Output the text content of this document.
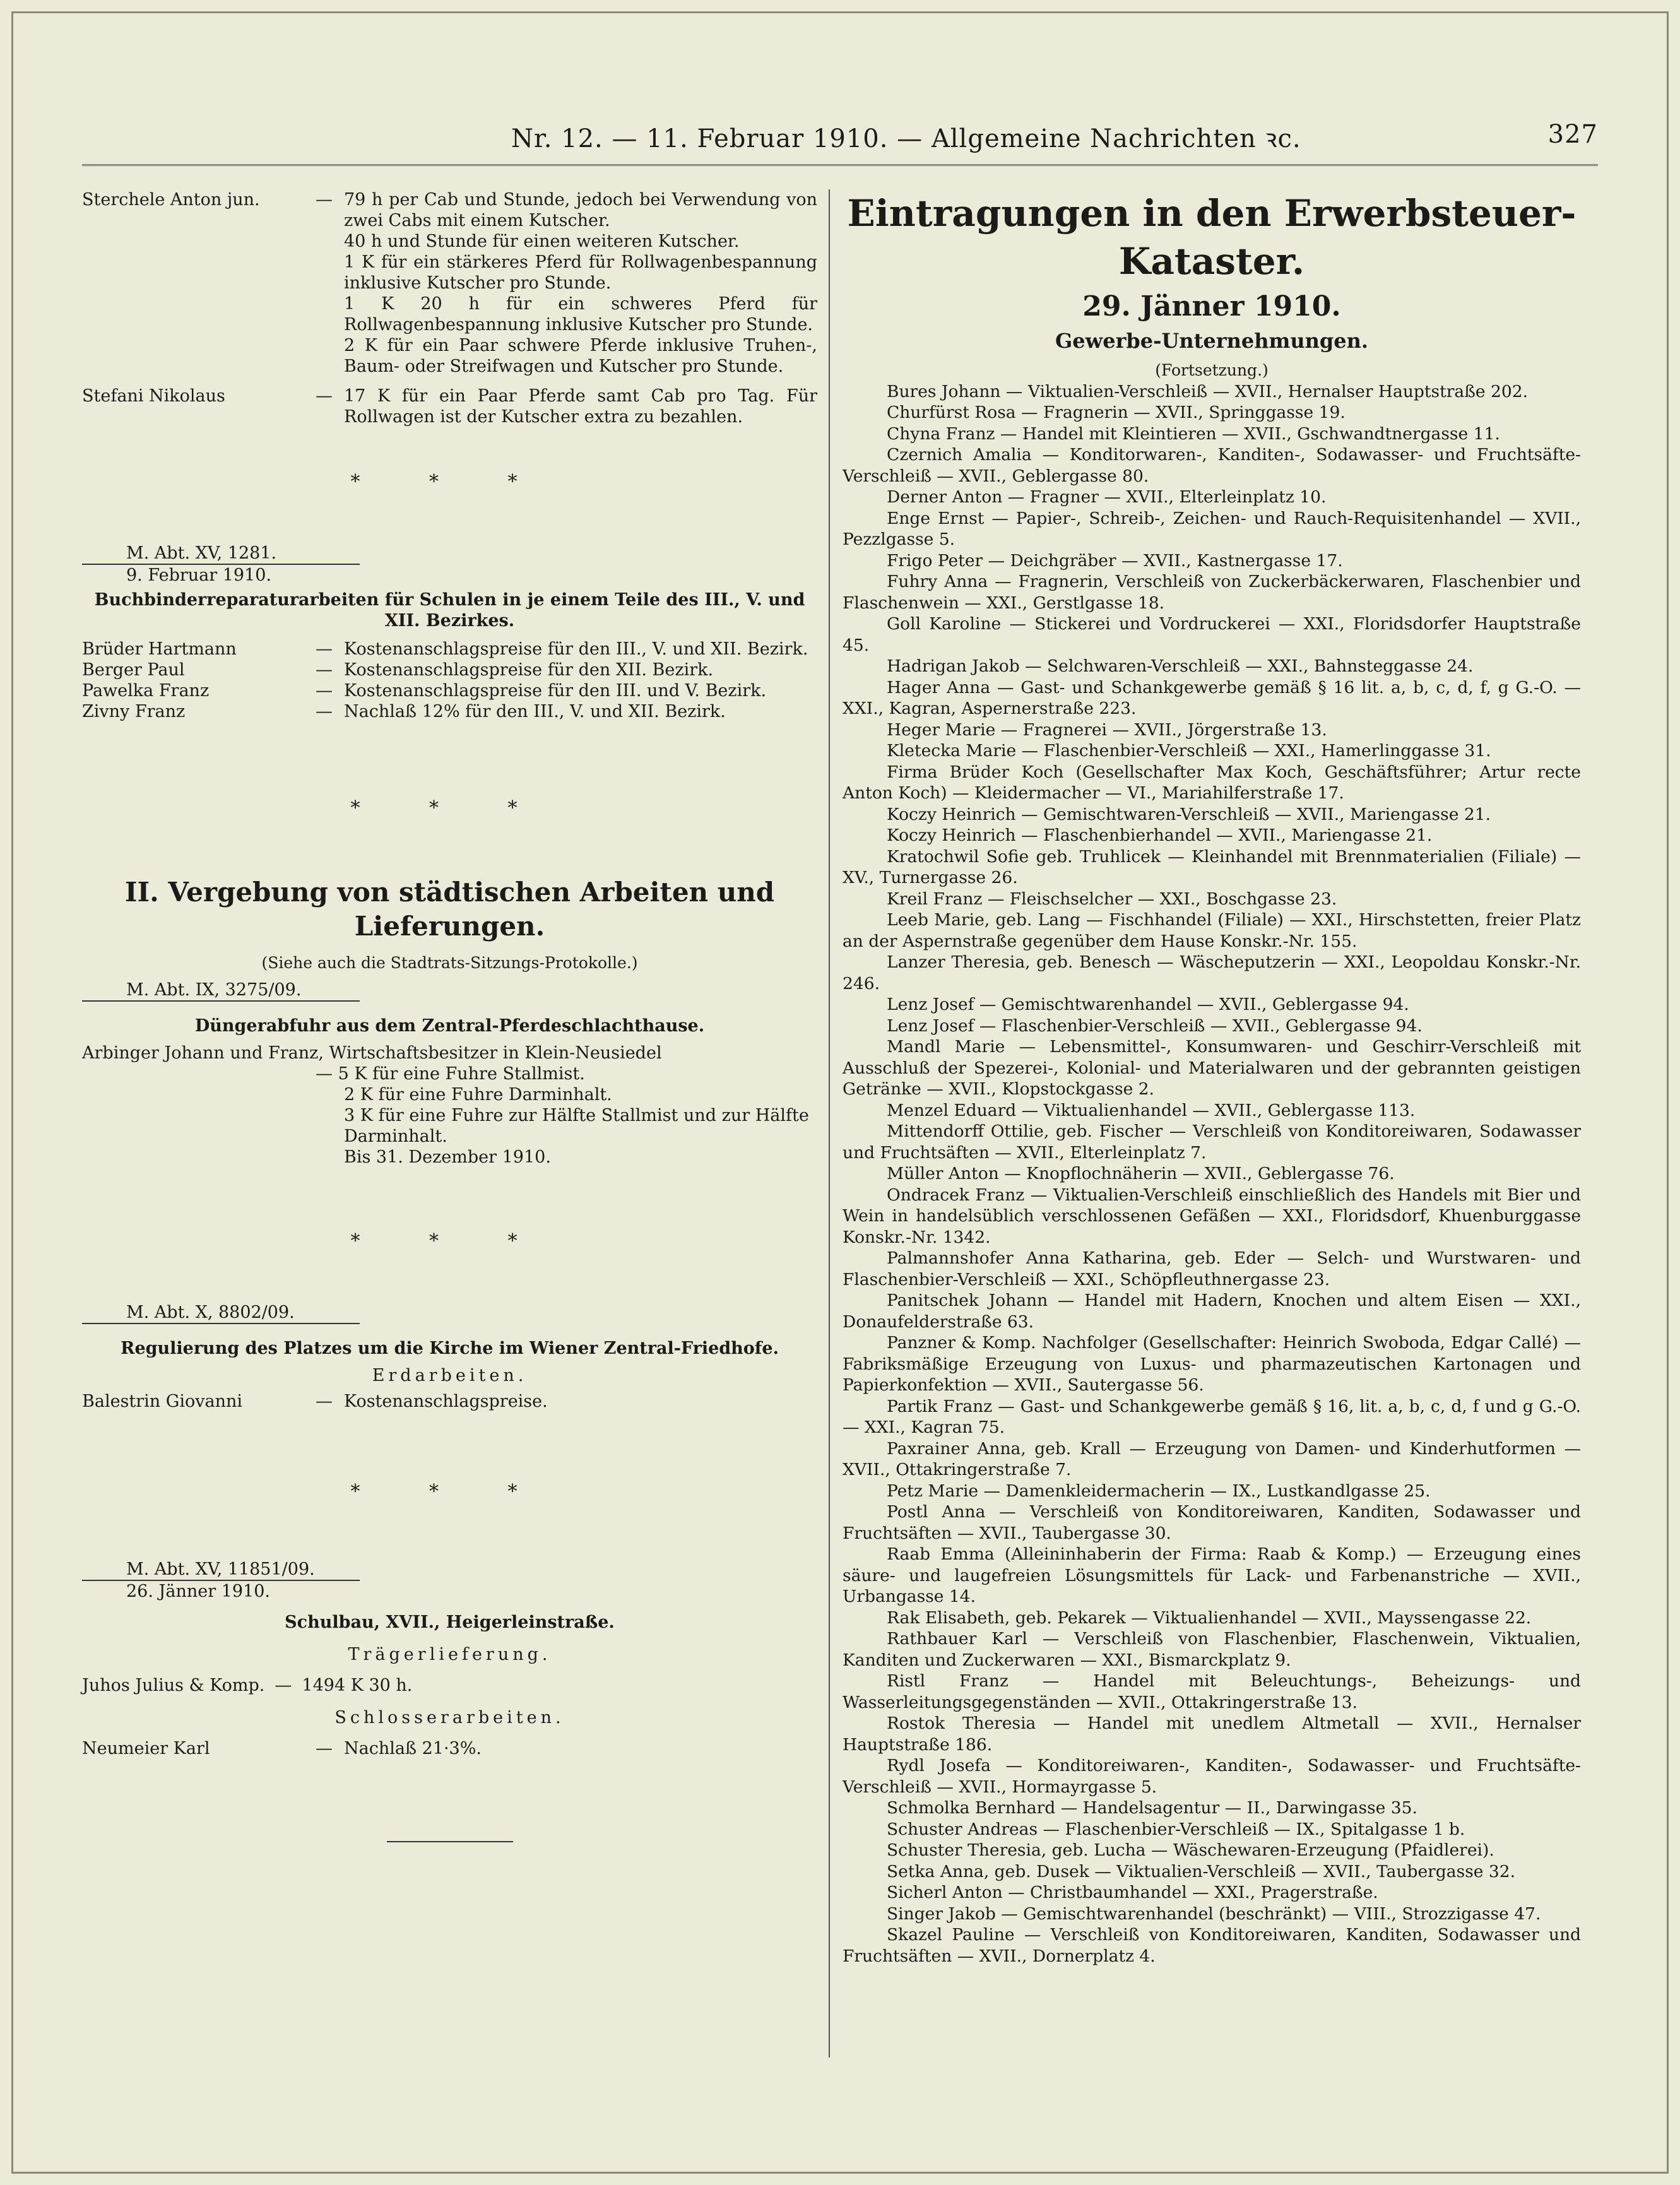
Nr. 12. — 11. Februar 1910. — Allgemeine Nachrichten ꝛc.	327
Sterchele Anton jun.	— 79 h per Cab und Stunde, jedoch bei Verwendung von zwei Cabs mit einem Kutscher.
40 h und Stunde für einen weiteren Kutscher.
1 K für ein stärkeres Pferd für Rollwagenbespannung inklusive Kutscher pro Stunde.
1 K 20 h für ein schweres Pferd für Rollwagenbespannung inklusive Kutscher pro Stunde.
2 K für ein Paar schwere Pferde inklusive Truhen-, Baum- oder Streifwagen und Kutscher pro Stunde.
Stefani Nikolaus	— 17 K für ein Paar Pferde samt Cab pro Tag. Für Rollwagen ist der Kutscher extra zu bezahlen.
* * *
M. Abt. XV, 1281.
9. Februar 1910.
Buchbinderreparaturarbeiten für Schulen in je einem Teile des III., V. und XII. Bezirkes.
Brüder Hartmann	— Kostenanschlagspreise für den III., V. und XII. Bezirk.
Berger Paul	— Kostenanschlagspreise für den XII. Bezirk.
Pawelka Franz	— Kostenanschlagspreise für den III. und V. Bezirk.
Zivny Franz	— Nachlaß 12% für den III., V. und XII. Bezirk.
* * *
II. Vergebung von städtischen Arbeiten und Lieferungen.
(Siehe auch die Stadtrats-Sitzungs-Protokolle.)
M. Abt. IX, 3275/09.
Düngerabfuhr aus dem Zentral-Pferdeschlachthause.
Arbinger Johann und Franz, Wirtschaftsbesitzer in Klein-Neusiedel
— 5 K für eine Fuhre Stallmist.
2 K für eine Fuhre Darminhalt.
3 K für eine Fuhre zur Hälfte Stallmist und zur Hälfte Darminhalt.
Bis 31. Dezember 1910.
* * *
M. Abt. X, 8802/09.
Regulierung des Platzes um die Kirche im Wiener Zentral-Friedhofe.
Erdarbeiten.
Balestrin Giovanni	— Kostenanschlagspreise.
* * *
M. Abt. XV, 11851/09.
26. Jänner 1910.
Schulbau, XVII., Heigerleinstraße.
Trägerlieferung.
Juhos Julius & Komp. — 1494 K 30 h.
Schlosserarbeiten.
Neumeier Karl	— Nachlaß 21·3%.
Eintragungen in den Erwerbsteuer-Kataster.
29. Jänner 1910.
Gewerbe-Unternehmungen.
(Fortsetzung.)

Bures Johann — Viktualien-Verschleiß — XVII., Hernalser Hauptstraße 202.

Churfürst Rosa — Fragnerin — XVII., Springgasse 19.

Chyna Franz — Handel mit Kleintieren — XVII., Gschwandtnergasse 11.

Czernich Amalia — Konditorwaren-, Kanditen-, Sodawasser- und Fruchtsäfte-Verschleiß — XVII., Geblergasse 80.

Derner Anton — Fragner — XVII., Elterleinplatz 10.

Enge Ernst — Papier-, Schreib-, Zeichen- und Rauch-Requisitenhandel — XVII., Pezzlgasse 5.

Frigo Peter — Deichgräber — XVII., Kastnergasse 17.

Fuhry Anna — Fragnerin, Verschleiß von Zuckerbäckerwaren, Flaschenbier und Flaschenwein — XXI., Gerstlgasse 18.

Goll Karoline — Stickerei und Vordruckerei — XXI., Floridsdorfer Hauptstraße 45.

Hadrigan Jakob — Selchwaren-Verschleiß — XXI., Bahnsteggasse 24.

Hager Anna — Gast- und Schankgewerbe gemäß § 16 lit. a, b, c, d, f, g G.-O. — XXI., Kagran, Aspernerstraße 223.

Heger Marie — Fragnerei — XVII., Jörgerstraße 13.

Kletecka Marie — Flaschenbier-Verschleiß — XXI., Hamerlinggasse 31.

Firma Brüder Koch (Gesellschafter Max Koch, Geschäftsführer; Artur recte Anton Koch) — Kleidermacher — VI., Mariahilferstraße 17.

Koczy Heinrich — Gemischtwaren-Verschleiß — XVII., Mariengasse 21.

Koczy Heinrich — Flaschenbierhandel — XVII., Mariengasse 21.

Kratochwil Sofie geb. Truhlicek — Kleinhandel mit Brennmaterialien (Filiale) — XV., Turnergasse 26.

Kreil Franz — Fleischselcher — XXI., Boschgasse 23.

Leeb Marie, geb. Lang — Fischhandel (Filiale) — XXI., Hirschstetten, freier Platz an der Aspernstraße gegenüber dem Hause Konskr.-Nr. 155.

Lanzer Theresia, geb. Benesch — Wäscheputzerin — XXI., Leopoldau Konskr.-Nr. 246.

Lenz Josef — Gemischtwarenhandel — XVII., Geblergasse 94.

Lenz Josef — Flaschenbier-Verschleiß — XVII., Geblergasse 94.

Mandl Marie — Lebensmittel-, Konsumwaren- und Geschirr-Verschleiß mit Ausschluß der Spezerei-, Kolonial- und Materialwaren und der gebrannten geistigen Getränke — XVII., Klopstockgasse 2.

Menzel Eduard — Viktualienhandel — XVII., Geblergasse 113.

Mittendorff Ottilie, geb. Fischer — Verschleiß von Konditoreiwaren, Sodawasser und Fruchtsäften — XVII., Elterleinplatz 7.

Müller Anton — Knopflochnäherin — XVII., Geblergasse 76.

Ondracek Franz — Viktualien-Verschleiß einschließlich des Handels mit Bier und Wein in handelsüblich verschlossenen Gefäßen — XXI., Floridsdorf, Khuenburggasse Konskr.-Nr. 1342.

Palmannshofer Anna Katharina, geb. Eder — Selch- und Wurstwaren- und Flaschenbier-Verschleiß — XXI., Schöpfleuthnergasse 23.

Panitschek Johann — Handel mit Hadern, Knochen und altem Eisen — XXI., Donaufelderstraße 63.

Panzner & Komp. Nachfolger (Gesellschafter: Heinrich Swoboda, Edgar Callé) — Fabriksmäßige Erzeugung von Luxus- und pharmazeutischen Kartonagen und Papierkonfektion — XVII., Sautergasse 56.

Partik Franz — Gast- und Schankgewerbe gemäß § 16, lit. a, b, c, d, f und g G.-O. — XXI., Kagran 75.

Paxrainer Anna, geb. Krall — Erzeugung von Damen- und Kinderhutformen — XVII., Ottakringerstraße 7.

Petz Marie — Damenkleidermacherin — IX., Lustkandlgasse 25.

Postl Anna — Verschleiß von Konditoreiwaren, Kanditen, Sodawasser und Fruchtsäften — XVII., Taubergasse 30.

Raab Emma (Alleininhaberin der Firma: Raab & Komp.) — Erzeugung eines säure- und laugefreien Lösungsmittels für Lack- und Farbenanstriche — XVII., Urbangasse 14.

Rak Elisabeth, geb. Pekarek — Viktualienhandel — XVII., Mayssengasse 22.

Rathbauer Karl — Verschleiß von Flaschenbier, Flaschenwein, Viktualien, Kanditen und Zuckerwaren — XXI., Bismarckplatz 9.

Ristl Franz — Handel mit Beleuchtungs-, Beheizungs- und Wasserleitungsgegenständen — XVII., Ottakringerstraße 13.

Rostok Theresia — Handel mit unedlem Altmetall — XVII., Hernalser Hauptstraße 186.

Rydl Josefa — Konditoreiwaren-, Kanditen-, Sodawasser- und Fruchtsäfte-Verschleiß — XVII., Hormayrgasse 5.

Schmolka Bernhard — Handelsagentur — II., Darwingasse 35.

Schuster Andreas — Flaschenbier-Verschleiß — IX., Spitalgasse 1 b.

Schuster Theresia, geb. Lucha — Wäschewaren-Erzeugung (Pfaidlerei).

Setka Anna, geb. Dusek — Viktualien-Verschleiß — XVII., Taubergasse 32.

Sicherl Anton — Christbaumhandel — XXI., Pragerstraße.

Singer Jakob — Gemischtwarenhandel (beschränkt) — VIII., Strozzigasse 47.

Skazel Pauline — Verschleiß von Konditoreiwaren, Kanditen, Sodawasser und Fruchtsäften — XVII., Dornerplatz 4.
